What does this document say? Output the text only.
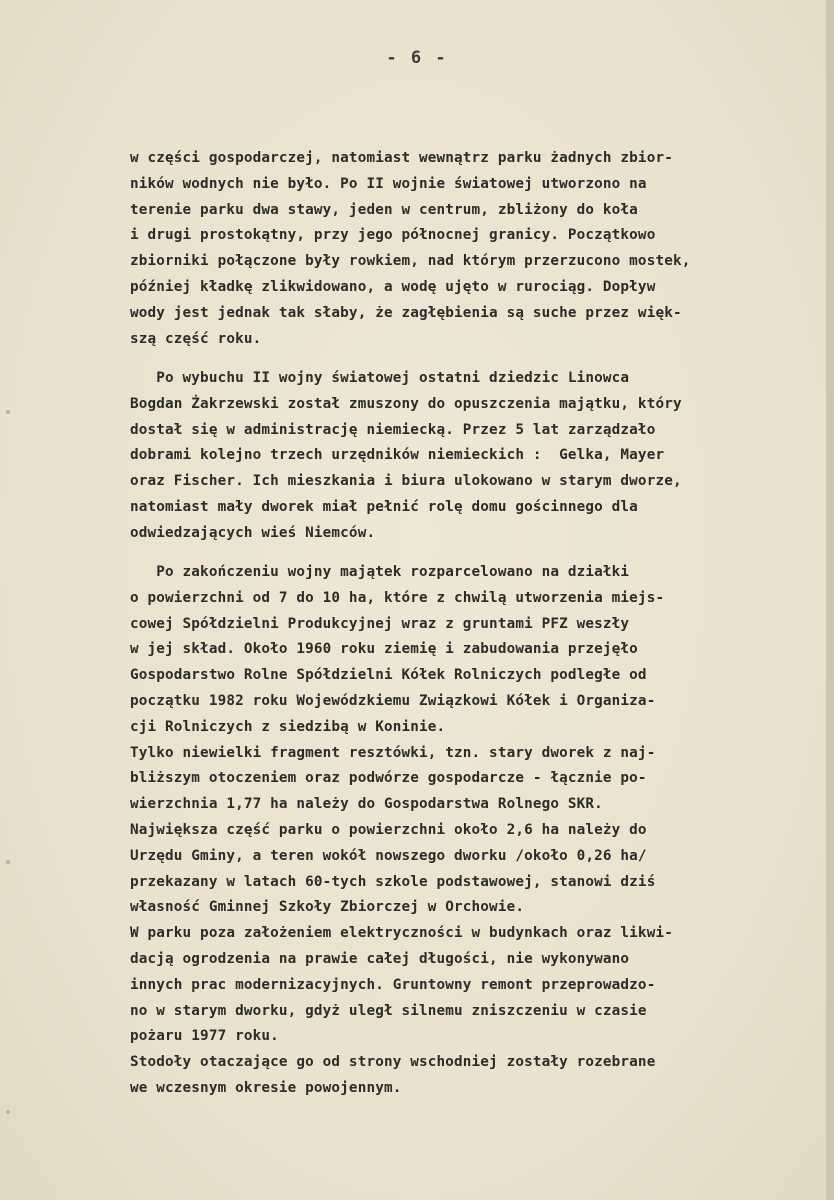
- 6 -
w części gospodarczej, natomiast wewnątrz parku żadnych zbior-
ników wodnych nie było. Po II wojnie światowej utworzono na
terenie parku dwa stawy, jeden w centrum, zbliżony do koła
i drugi prostokątny, przy jego północnej granicy. Początkowo
zbiorniki połączone były rowkiem, nad którym przerzucono mostek,
później kładkę zlikwidowano, a wodę ujęto w rurociąg. Dopływ
wody jest jednak tak słaby, że zagłębienia są suche przez więk-
szą część roku.
Po wybuchu II wojny światowej ostatni dziedzic Linowca
Bogdan Żakrzewski został zmuszony do opuszczenia majątku, który
dostał się w administrację niemiecką. Przez 5 lat zarządzało
dobrami kolejno trzech urzędników niemieckich :  Gelka, Mayer
oraz Fischer. Ich mieszkania i biura ulokowano w starym dworze,
natomiast mały dworek miał pełnić rolę domu gościnnego dla
odwiedzających wieś Niemców.
Po zakończeniu wojny majątek rozparcelowano na działki
o powierzchni od 7 do 10 ha, które z chwilą utworzenia miejs-
cowej Spółdzielni Produkcyjnej wraz z gruntami PFZ weszły
w jej skład. Około 1960 roku ziemię i zabudowania przejęło
Gospodarstwo Rolne Spółdzielni Kółek Rolniczych podległe od
początku 1982 roku Wojewódzkiemu Związkowi Kółek i Organiza-
cji Rolniczych z siedzibą w Koninie.
Tylko niewielki fragment resztówki, tzn. stary dworek z naj-
bliższym otoczeniem oraz podwórze gospodarcze - łącznie po-
wierzchnia 1,77 ha należy do Gospodarstwa Rolnego SKR.
Największa część parku o powierzchni około 2,6 ha należy do
Urzędu Gminy, a teren wokół nowszego dworku /około 0,26 ha/
przekazany w latach 60-tych szkole podstawowej, stanowi dziś
własność Gminnej Szkoły Zbiorczej w Orchowie.
W parku poza założeniem elektryczności w budynkach oraz likwi-
dacją ogrodzenia na prawie całej długości, nie wykonywano
innych prac modernizacyjnych. Gruntowny remont przeprowadzo-
no w starym dworku, gdyż uległ silnemu zniszczeniu w czasie
pożaru 1977 roku.
Stodoły otaczające go od strony wschodniej zostały rozebrane
we wczesnym okresie powojennym.
